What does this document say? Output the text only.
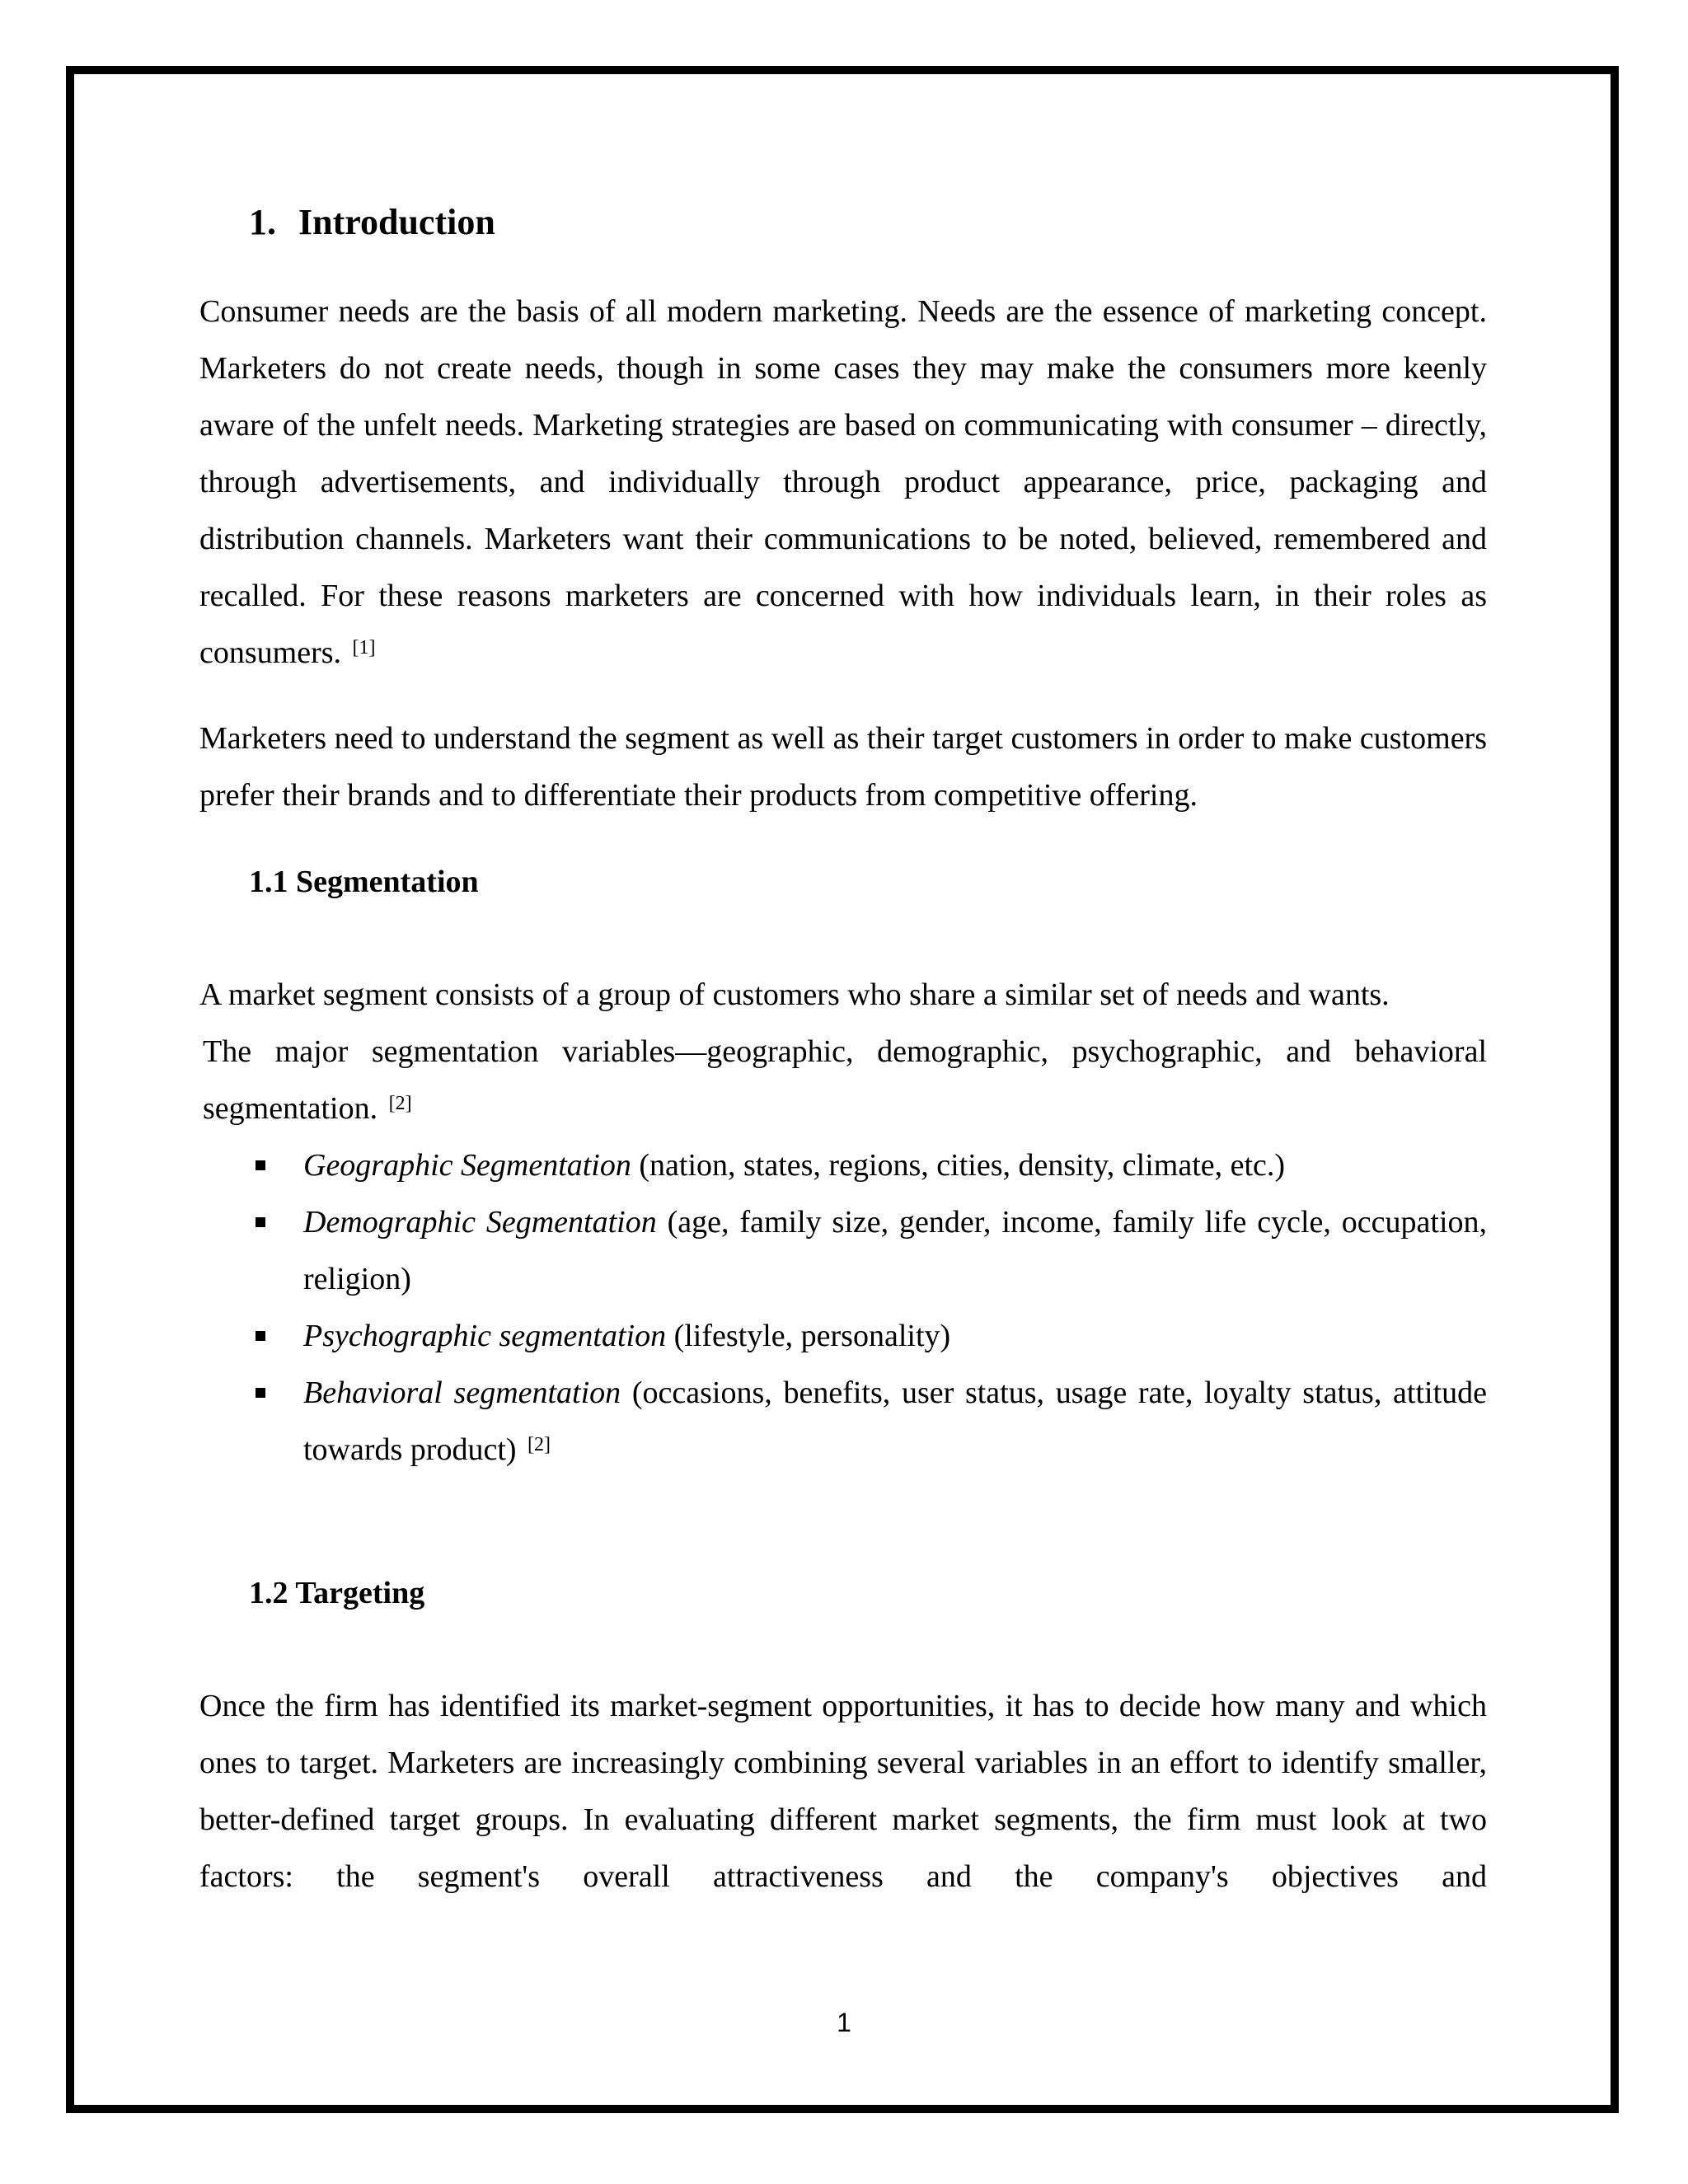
1. Introduction

Consumer needs are the basis of all modern marketing. Needs are the essence of marketing concept. Marketers do not create needs, though in some cases they may make the consumers more keenly aware of the unfelt needs. Marketing strategies are based on communicating with consumer – directly, through advertisements, and individually through product appearance, price, packaging and distribution channels. Marketers want their communications to be noted, believed, remembered and recalled. For these reasons marketers are concerned with how individuals learn, in their roles as consumers. [1]

Marketers need to understand the segment as well as their target customers in order to make customers prefer their brands and to differentiate their products from competitive offering.

1.1 Segmentation

A market segment consists of a group of customers who share a similar set of needs and wants.

The major segmentation variables—geographic, demographic, psychographic, and behavioral segmentation. [2]

Geographic Segmentation (nation, states, regions, cities, density, climate, etc.)
Demographic Segmentation (age, family size, gender, income, family life cycle, occupation, religion)
Psychographic segmentation (lifestyle, personality)
Behavioral segmentation (occasions, benefits, user status, usage rate, loyalty status, attitude towards product) [2]
1.2 Targeting

Once the firm has identified its market-segment opportunities, it has to decide how many and which ones to target. Marketers are increasingly combining several variables in an effort to identify smaller, better-defined target groups. In evaluating different market segments, the firm must look at two factors: the segment's overall attractiveness and the company's objectives and

1
